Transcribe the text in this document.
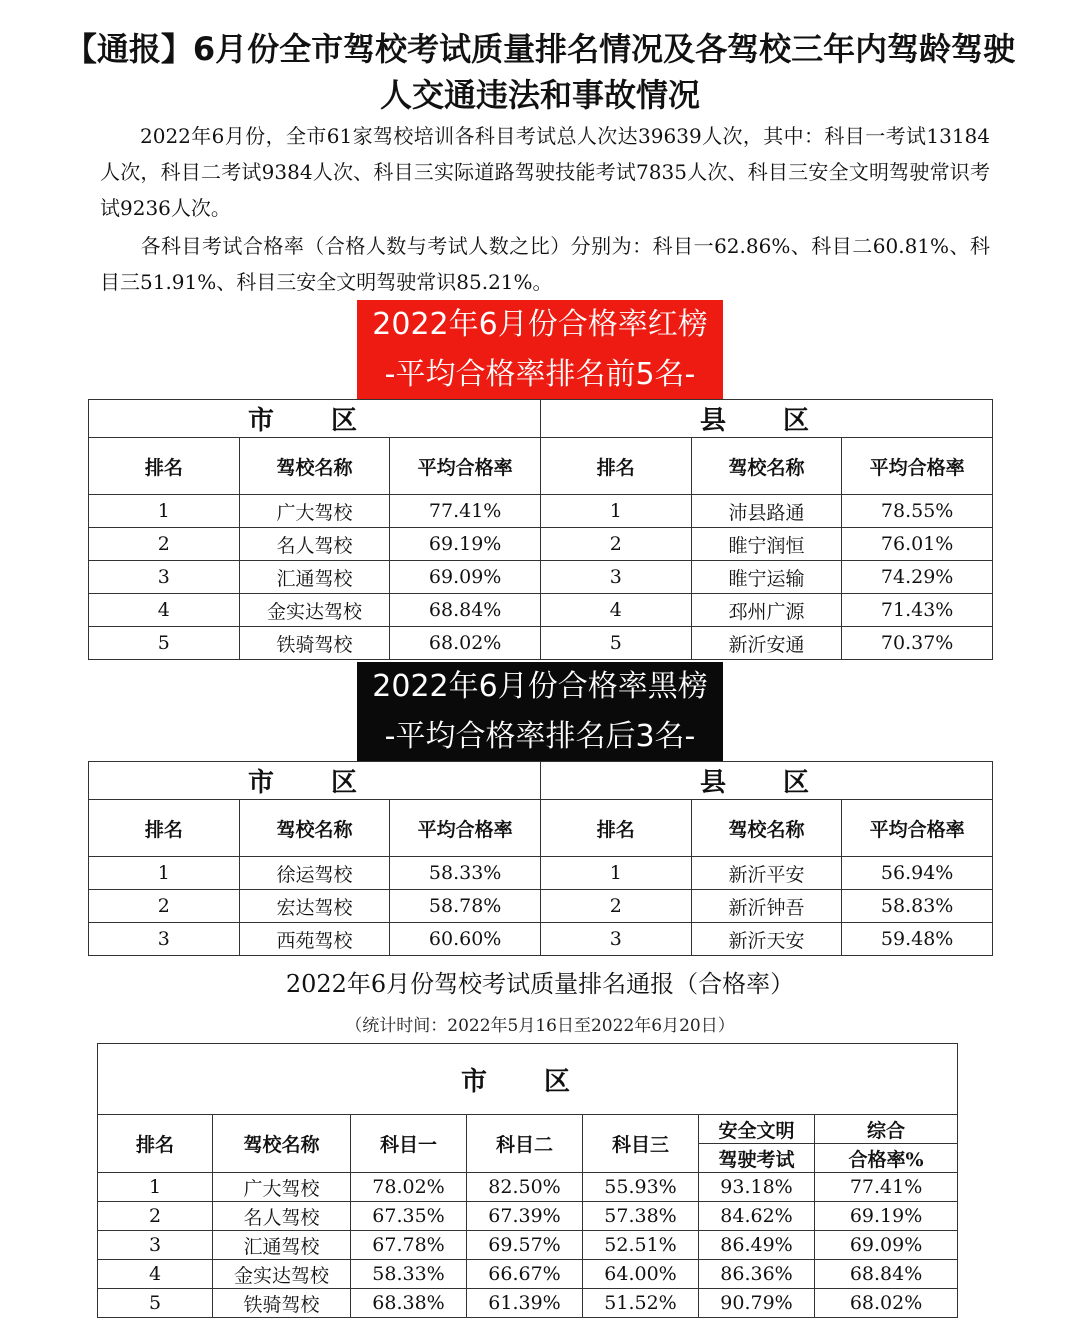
【通报】6月份全市驾校考试质量排名情况及各驾校三年内驾龄驾驶人交通违法和事故情况
2022年6月份，全市61家驾校培训各科目考试总人次达39639人次，其中：科目一考试13184人次，科目二考试9384人次、科目三实际道路驾驶技能考试7835人次、科目三安全文明驾驶常识考试9236人次。
各科目考试合格率（合格人数与考试人数之比）分别为：科目一62.86%、科目二60.81%、科目三51.91%、科目三安全文明驾驶常识85.21%。
2022年6月份合格率红榜
-平均合格率排名前5名-
市 区			县 区		
排名	驾校名称	平均合格率	排名	驾校名称	平均合格率
1	广大驾校	77.41%	1	沛县路通	78.55%
2	名人驾校	69.19%	2	睢宁润恒	76.01%
3	汇通驾校	69.09%	3	睢宁运输	74.29%
4	金实达驾校	68.84%	4	邳州广源	71.43%
5	铁骑驾校	68.02%	5	新沂安通	70.37%
2022年6月份合格率黑榜
-平均合格率排名后3名-
市 区			县 区		
排名	驾校名称	平均合格率	排名	驾校名称	平均合格率
1	徐运驾校	58.33%	1	新沂平安	56.94%
2	宏达驾校	58.78%	2	新沂钟吾	58.83%
3	西苑驾校	60.60%	3	新沂天安	59.48%
2022年6月份驾校考试质量排名通报（合格率）
（统计时间：2022年5月16日至2022年6月20日）
市 区						
排名	驾校名称	科目一	科目二	科目三	安全文明	综合
					驾驶考试	合格率%
1	广大驾校	78.02%	82.50%	55.93%	93.18%	77.41%
2	名人驾校	67.35%	67.39%	57.38%	84.62%	69.19%
3	汇通驾校	67.78%	69.57%	52.51%	86.49%	69.09%
4	金实达驾校	58.33%	66.67%	64.00%	86.36%	68.84%
5	铁骑驾校	68.38%	61.39%	51.52%	90.79%	68.02%
